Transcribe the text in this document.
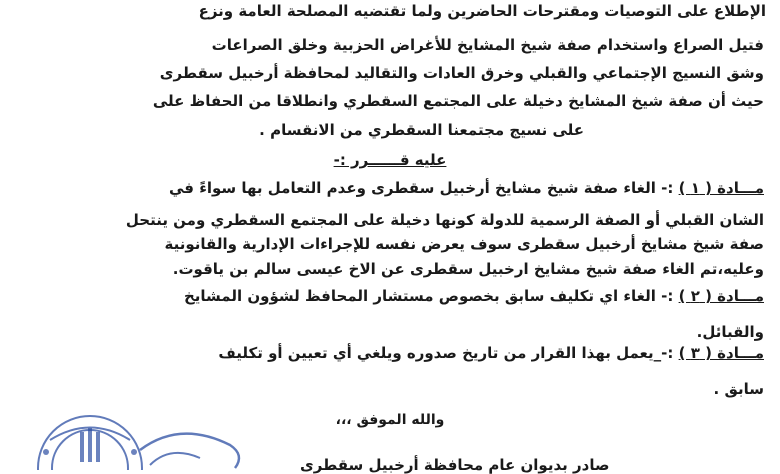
الإطلاع على التوصيات ومقترحات الحاضرين ولما تقتضيه المصلحة العامة ونزع
فتيل الصراع واستخدام صفة شيخ المشايخ للأغراض الحزبية وخلق الصراعات
وشق النسيج الإجتماعي والقبلي وخرق العادات والتقاليد لمحافظة أرخبيل سقطرى
حيث أن صفة شيخ المشايخ دخيلة على المجتمع السقطري وانطلاقا من الحفاظ على
على نسيج مجتمعنا السقطري من الانقسام .
عليه قــــــرر :-
مـــادة ( ١ ) :- الغاء صفة شيخ مشايخ أرخبيل سقطرى وعدم التعامل بها سواءً في
الشان القبلي أو الصفة الرسمية للدولة كونها دخيلة على المجتمع السقطري ومن ينتحل
صفة شيخ مشايخ أرخبيل سقطرى سوف يعرض نفسه للإجراءات الإدارية والقانونية
وعليه،تم الغاء صفة شيخ مشايخ ارخبيل سقطرى عن الاخ عيسى سالم بن ياقوت.
مـــادة ( ٢ ) :- الغاء اي تكليف سابق بخصوص مستشار المحافظ لشؤون المشايخ
والقبائل.
مـــادة ( ٣ ) :-_يعمل بهذا القرار من تاريخ صدوره ويلغي أي تعيين أو تكليف
سابق .
والله الموفق ،،،
صادر بديوان عام محافظة أرخبيل سقطرى
